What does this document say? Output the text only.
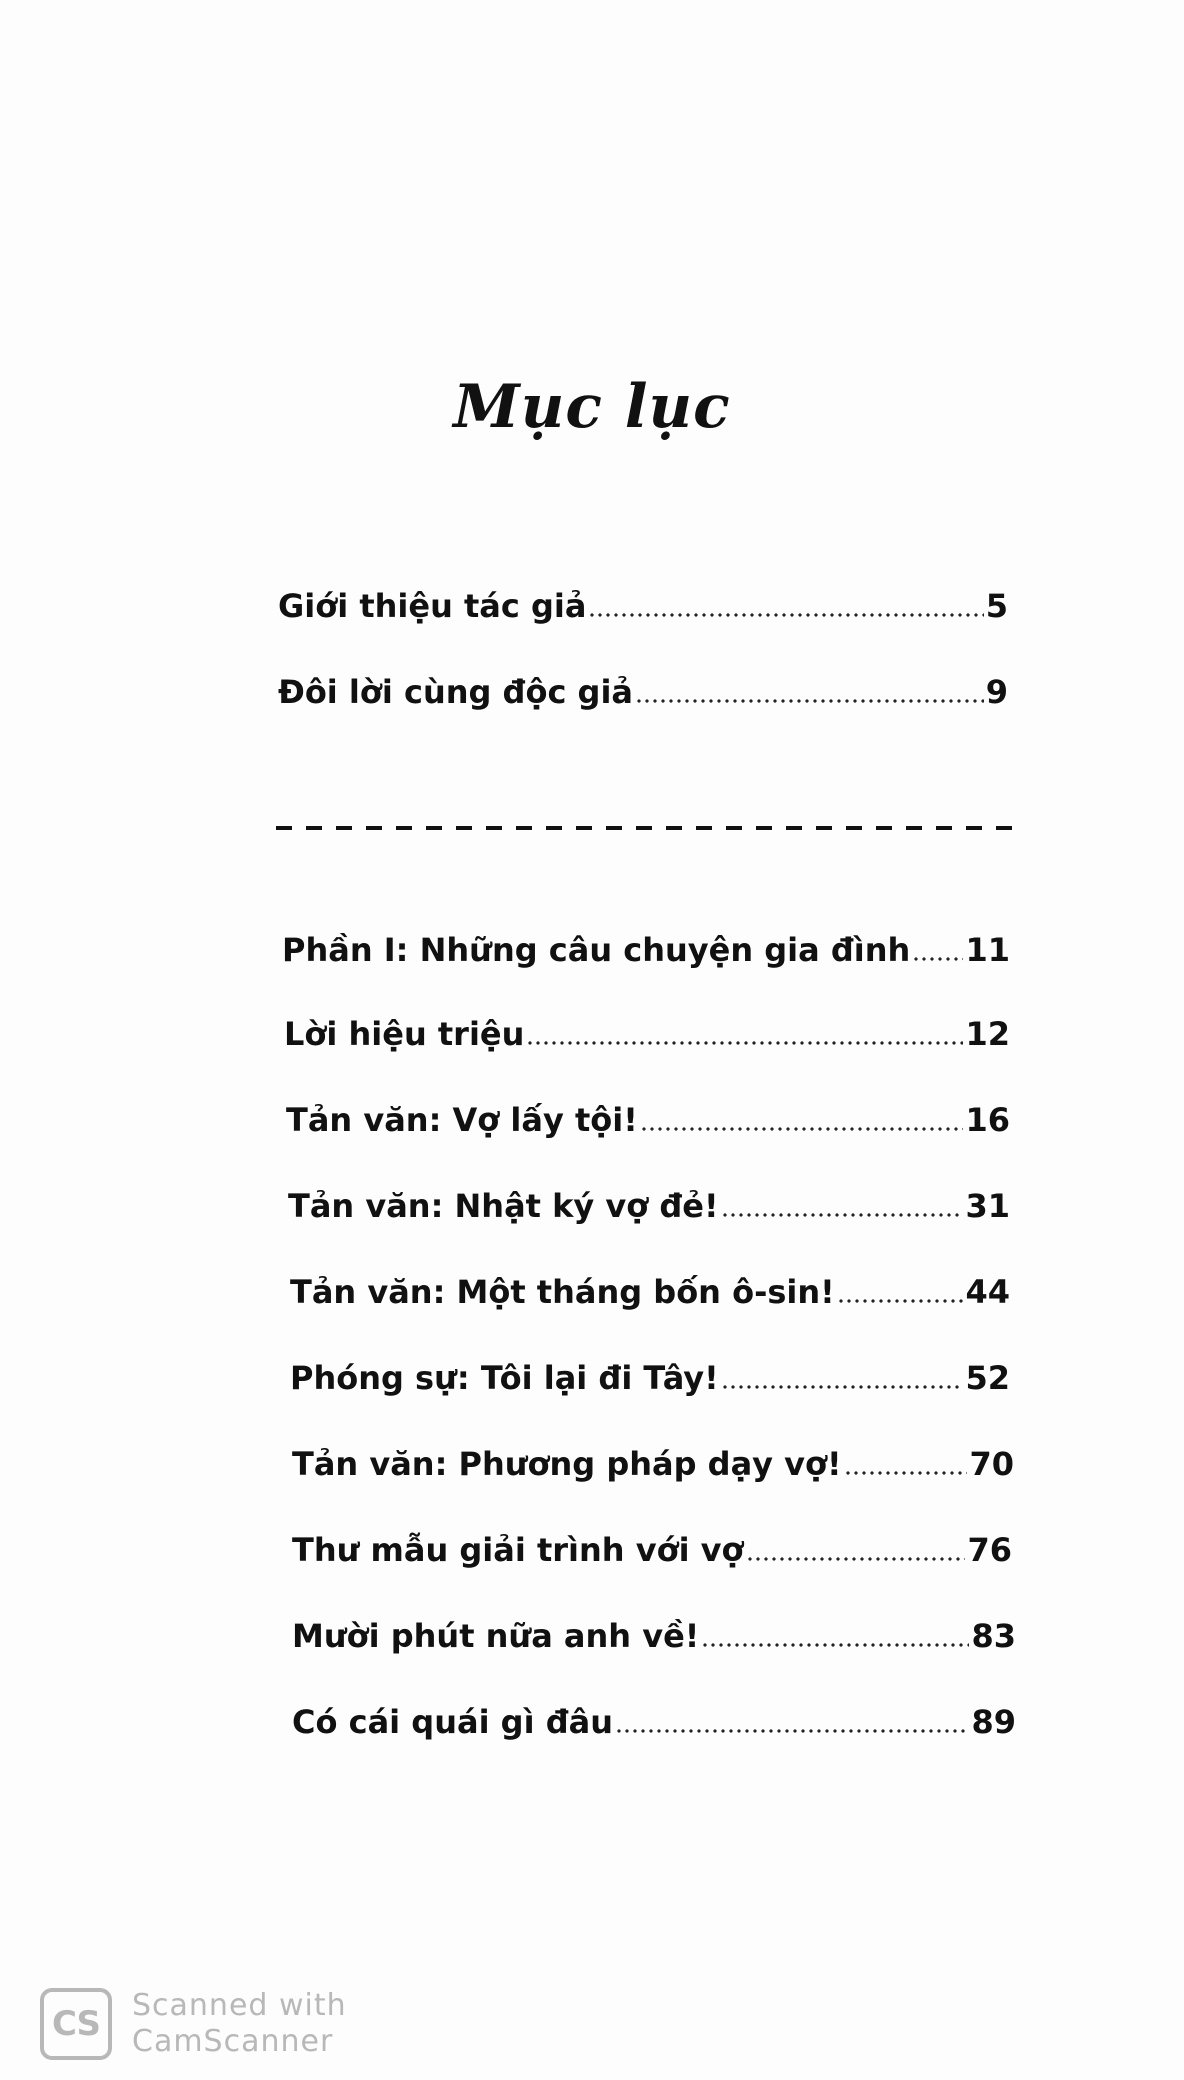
Mục lục
Giới thiệu tác giả	5
Đôi lời cùng độc giả	9
Phần I: Những câu chuyện gia đình 11
Lời hiệu triệu	12
Tản văn: Vợ lấy tội!	16
Tản văn: Nhật ký vợ đẻ!	31
Tản văn: Một tháng bốn ô-sin!	44
Phóng sự: Tôi lại đi Tây!	52
Tản văn: Phương pháp dạy vợ!	70
Thư mẫu giải trình với vợ	76
Mười phút nữa anh về!	83
Có cái quái gì đâu	89
CS	Scanned with
CamScanner
